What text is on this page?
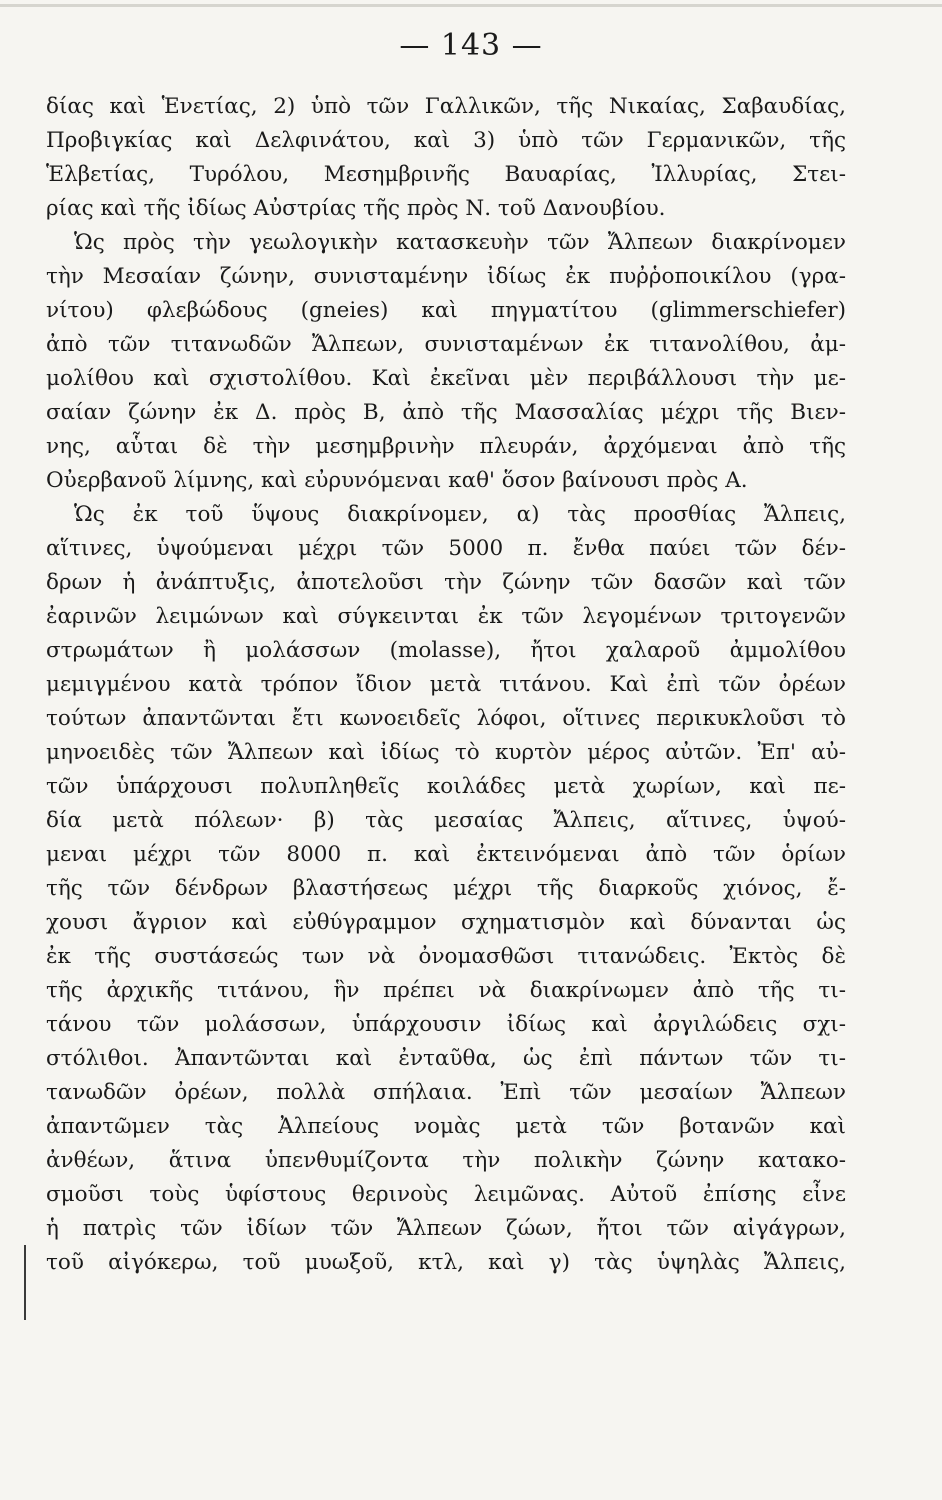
— 143 —
δίας καὶ Ἑνετίας, 2) ὑπὸ τῶν Γαλλικῶν, τῆς Νικαίας, Σαβαυδίας,
Προβιγκίας καὶ Δελφινάτου, καὶ 3) ὑπὸ τῶν Γερμανικῶν, τῆς
Ἑλβετίας, Τυρόλου, Μεσημβρινῆς Βαυαρίας, Ἰλλυρίας, Στει-
ρίας καὶ τῆς ἰδίως Αὐστρίας τῆς πρὸς Ν. τοῦ Δανουβίου.
Ὡς πρὸς τὴν γεωλογικὴν κατασκευὴν τῶν Ἄλπεων διακρίνομεν
τὴν Μεσαίαν ζώνην, συνισταμένην ἰδίως ἐκ πυῤῥοποικίλου (γρα-
νίτου) φλεβώδους (gneies) καὶ πηγματίτου (glimmerschiefer)
ἀπὸ τῶν τιτανωδῶν Ἄλπεων, συνισταμένων ἐκ τιτανολίθου, ἀμ-
μολίθου καὶ σχιστολίθου. Καὶ ἐκεῖναι μὲν περιβάλλουσι τὴν με-
σαίαν ζώνην ἐκ Δ. πρὸς Β, ἀπὸ τῆς Μασσαλίας μέχρι τῆς Βιεν-
νης, αὗται δὲ τὴν μεσημβρινὴν πλευράν, ἀρχόμεναι ἀπὸ τῆς
Οὐερβανοῦ λίμνης, καὶ εὐρυνόμεναι καθ' ὅσον βαίνουσι πρὸς Α.
Ὡς ἐκ τοῦ ὕψους διακρίνομεν, α) τὰς προσθίας Ἄλπεις,
αἵτινες, ὑψούμεναι μέχρι τῶν 5000 π. ἔνθα παύει τῶν δέν-
δρων ἡ ἀνάπτυξις, ἀποτελοῦσι τὴν ζώνην τῶν δασῶν καὶ τῶν
ἐαρινῶν λειμώνων καὶ σύγκεινται ἐκ τῶν λεγομένων τριτογενῶν
στρωμάτων ἢ μολάσσων (molasse), ἤτοι χαλαροῦ ἀμμολίθου
μεμιγμένου κατὰ τρόπον ἴδιον μετὰ τιτάνου. Καὶ ἐπὶ τῶν ὀρέων
τούτων ἀπαντῶνται ἔτι κωνοειδεῖς λόφοι, οἵτινες περικυκλοῦσι τὸ
μηνοειδὲς τῶν Ἄλπεων καὶ ἰδίως τὸ κυρτὸν μέρος αὐτῶν. Ἐπ' αὐ-
τῶν ὑπάρχουσι πολυπληθεῖς κοιλάδες μετὰ χωρίων, καὶ πε-
δία μετὰ πόλεων· β) τὰς μεσαίας Ἄλπεις, αἵτινες, ὑψού-
μεναι μέχρι τῶν 8000 π. καὶ ἐκτεινόμεναι ἀπὸ τῶν ὁρίων
τῆς τῶν δένδρων βλαστήσεως μέχρι τῆς διαρκοῦς χιόνος, ἔ-
χουσι ἄγριον καὶ εὐθύγραμμον σχηματισμὸν καὶ δύνανται ὡς
ἐκ τῆς συστάσεώς των νὰ ὀνομασθῶσι τιτανώδεις. Ἐκτὸς δὲ
τῆς ἀρχικῆς τιτάνου, ἣν πρέπει νὰ διακρίνωμεν ἀπὸ τῆς τι-
τάνου τῶν μολάσσων, ὑπάρχουσιν ἰδίως καὶ ἀργιλώδεις σχι-
στόλιθοι. Ἀπαντῶνται καὶ ἐνταῦθα, ὡς ἐπὶ πάντων τῶν τι-
τανωδῶν ὀρέων, πολλὰ σπήλαια. Ἐπὶ τῶν μεσαίων Ἄλπεων
ἀπαντῶμεν τὰς Ἀλπείους νομὰς μετὰ τῶν βοτανῶν καὶ
ἀνθέων, ἅτινα ὑπενθυμίζοντα τὴν πολικὴν ζώνην κατακο-
σμοῦσι τοὺς ὑφίστους θερινοὺς λειμῶνας. Αὐτοῦ ἐπίσης εἶνε
ἡ πατρὶς τῶν ἰδίων τῶν Ἄλπεων ζώων, ἤτοι τῶν αἰγάγρων,
τοῦ αἰγόκερω, τοῦ μυωξοῦ, κτλ, καὶ γ) τὰς ὑψηλὰς Ἄλπεις,
